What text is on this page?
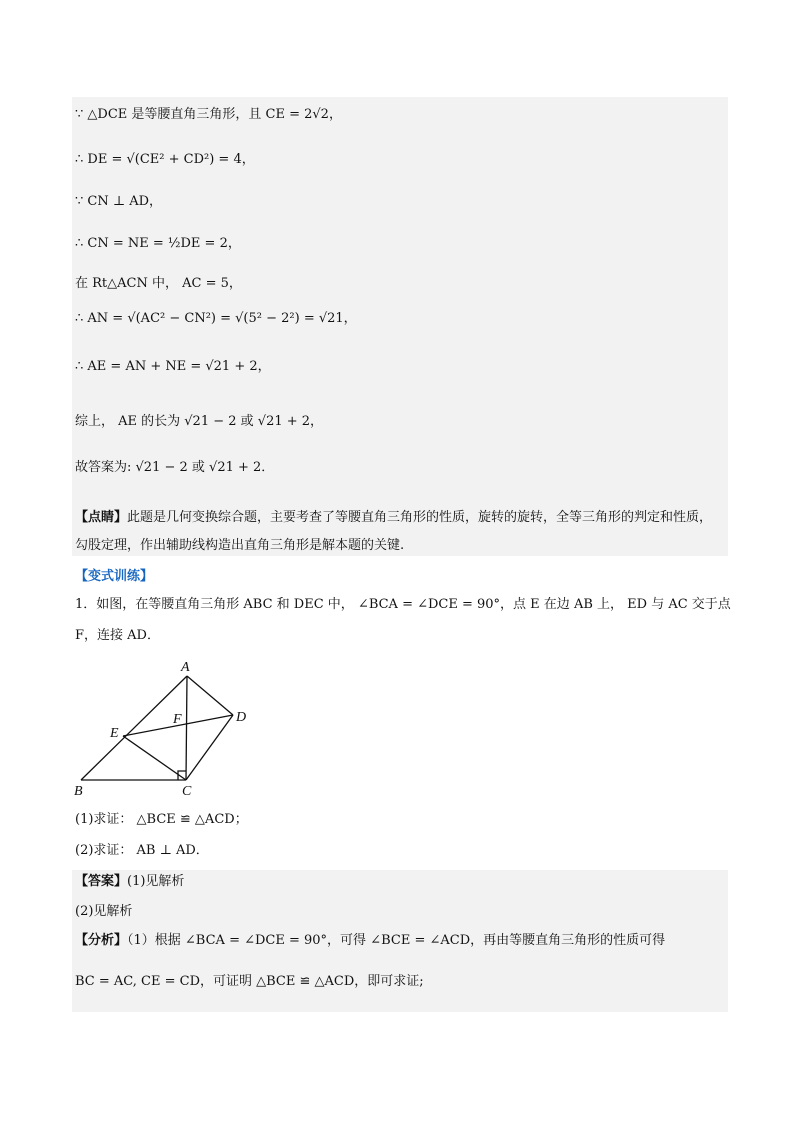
∵ △DCE 是等腰直角三角形，且 CE = 2√2，
∴ DE = √(CE² + CD²) = 4，
∵ CN ⊥ AD，
∴ CN = NE = ½DE = 2，
在 Rt△ACN 中， AC = 5，
∴ AN = √(AC² − CN²) = √(5² − 2²) = √21，
∴ AE = AN + NE = √21 + 2，
综上， AE 的长为 √21 − 2 或 √21 + 2，
故答案为: √21 − 2 或 √21 + 2．
【点睛】此题是几何变换综合题，主要考查了等腰直角三角形的性质，旋转的旋转，全等三角形的判定和性质，勾股定理，作出辅助线构造出直角三角形是解本题的关键.
【变式训练】
1．如图，在等腰直角三角形 ABC 和 DEC 中， ∠BCA = ∠DCE = 90°，点 E 在边 AB 上， ED 与 AC 交于点
F，连接 AD．
A
B	C
D
E
F
(1)求证： △BCE ≌ △ACD；
(2)求证： AB ⊥ AD．
【答案】(1)见解析
(2)见解析
【分析】（1）根据 ∠BCA = ∠DCE = 90°，可得 ∠BCE = ∠ACD，再由等腰直角三角形的性质可得
BC = AC, CE = CD，可证明 △BCE ≌ △ACD，即可求证;
